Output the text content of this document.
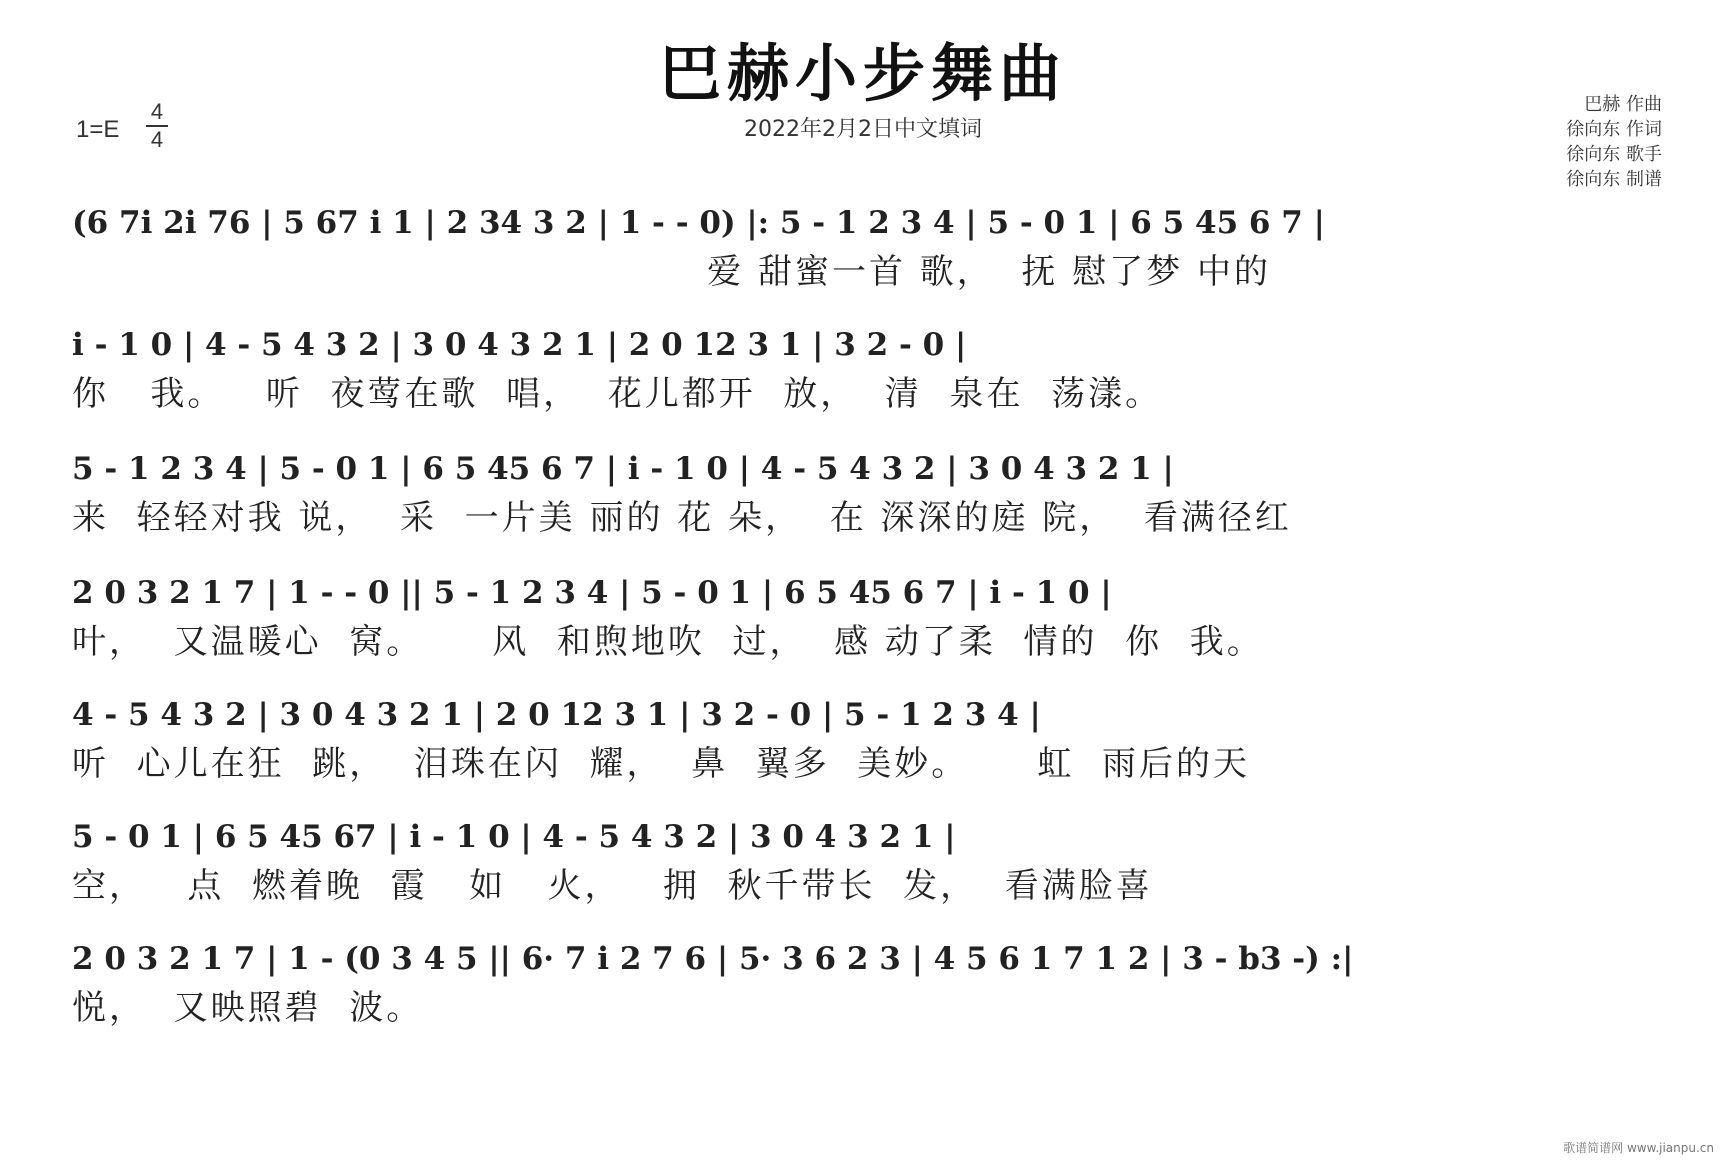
巴赫小步舞曲
2022年2月2日中文填词
1=E
4
4
巴赫 作曲
徐向东 作词
徐向东 歌手
徐向东 制谱
(6 7i 2i 76 | 5 67 i 1 | 2 34 3 2 | 1 - - 0) |: 5 - 1 2 3 4 | 5 - 0 1 | 6 5 45 6 7 |
爱 甜蜜一首 歌，  抚 慰了梦 中的
i - 1 0 | 4 - 5 4 3 2 | 3 0 4 3 2 1 | 2 0 12 3 1 | 3 2 - 0 |
你   我。   听  夜莺在歌  唱，  花儿都开  放，  清  泉在  荡漾。
5 - 1 2 3 4 | 5 - 0 1 | 6 5 45 6 7 | i - 1 0 | 4 - 5 4 3 2 | 3 0 4 3 2 1 |
来  轻轻对我 说，  采  一片美 丽的 花 朵，  在 深深的庭 院，  看满径红
2 0 3 2 1 7 | 1 - - 0 || 5 - 1 2 3 4 | 5 - 0 1 | 6 5 45 6 7 | i - 1 0 |
叶，  又温暖心  窝。     风  和煦地吹  过，  感 动了柔  情的  你  我。
4 - 5 4 3 2 | 3 0 4 3 2 1 | 2 0 12 3 1 | 3 2 - 0 | 5 - 1 2 3 4 |
听  心儿在狂  跳，  泪珠在闪  耀，  鼻  翼多  美妙。     虹  雨后的天
5 - 0 1 | 6 5 45 67 | i - 1 0 | 4 - 5 4 3 2 | 3 0 4 3 2 1 |
空，   点  燃着晚  霞   如   火，   拥  秋千带长  发，  看满脸喜
2 0 3 2 1 7 | 1 - (0 3 4 5 || 6· 7 i 2 7 6 | 5· 3 6 2 3 | 4 5 6 1 7 1 2 | 3 - b3 -) :|
悦，  又映照碧  波。
歌谱简谱网 www.jianpu.cn
